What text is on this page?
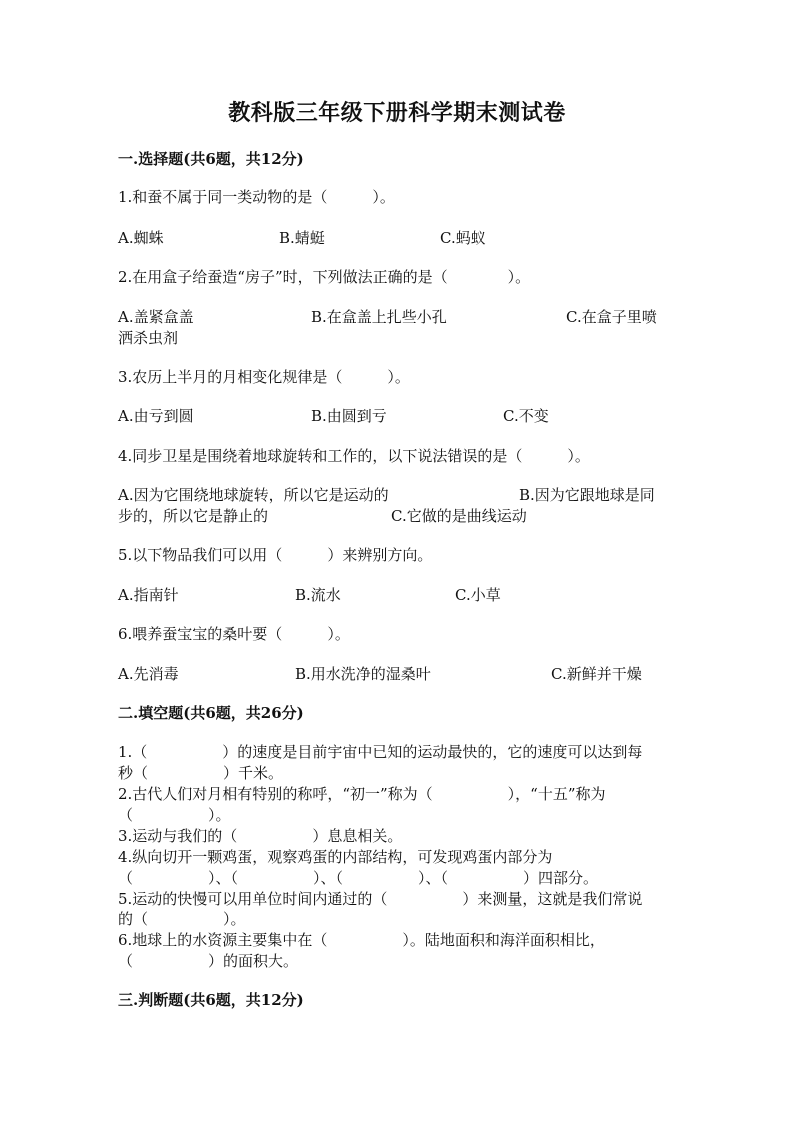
教科版三年级下册科学期末测试卷
一.选择题(共6题，共12分)
1.和蚕不属于同一类动物的是（　　　）。
A.蜘蛛	B.蜻蜓	C.蚂蚁
2.在用盒子给蚕造“房子”时，下列做法正确的是（　　　　）。
A.盖紧盒盖	B.在盒盖上扎些小孔	C.在盒子里喷
洒杀虫剂
3.农历上半月的月相变化规律是（　　　）。
A.由亏到圆	B.由圆到亏	C.不变
4.同步卫星是围绕着地球旋转和工作的，以下说法错误的是（　　　）。
A.因为它围绕地球旋转，所以它是运动的	B.因为它跟地球是同
步的，所以它是静止的	C.它做的是曲线运动
5.以下物品我们可以用（　　　）来辨别方向。
A.指南针	B.流水	C.小草
6.喂养蚕宝宝的桑叶要（　　　）。
A.先消毒	B.用水洗净的湿桑叶	C.新鲜并干燥
二.填空题(共6题，共26分)
1.（　　　　　）的速度是目前宇宙中已知的运动最快的，它的速度可以达到每
秒（　　　　　）千米。
2.古代人们对月相有特别的称呼，“初一”称为（　　　　　），“十五”称为
（　　　　　）。
3.运动与我们的（　　　　　）息息相关。
4.纵向切开一颗鸡蛋，观察鸡蛋的内部结构，可发现鸡蛋内部分为
（　　　　　）、（　　　　　）、（　　　　　）、（　　　　　）四部分。
5.运动的快慢可以用单位时间内通过的（　　　　　）来测量，这就是我们常说
的（　　　　　）。
6.地球上的水资源主要集中在（　　　　　）。陆地面积和海洋面积相比，
（　　　　　）的面积大。
三.判断题(共6题，共12分)
